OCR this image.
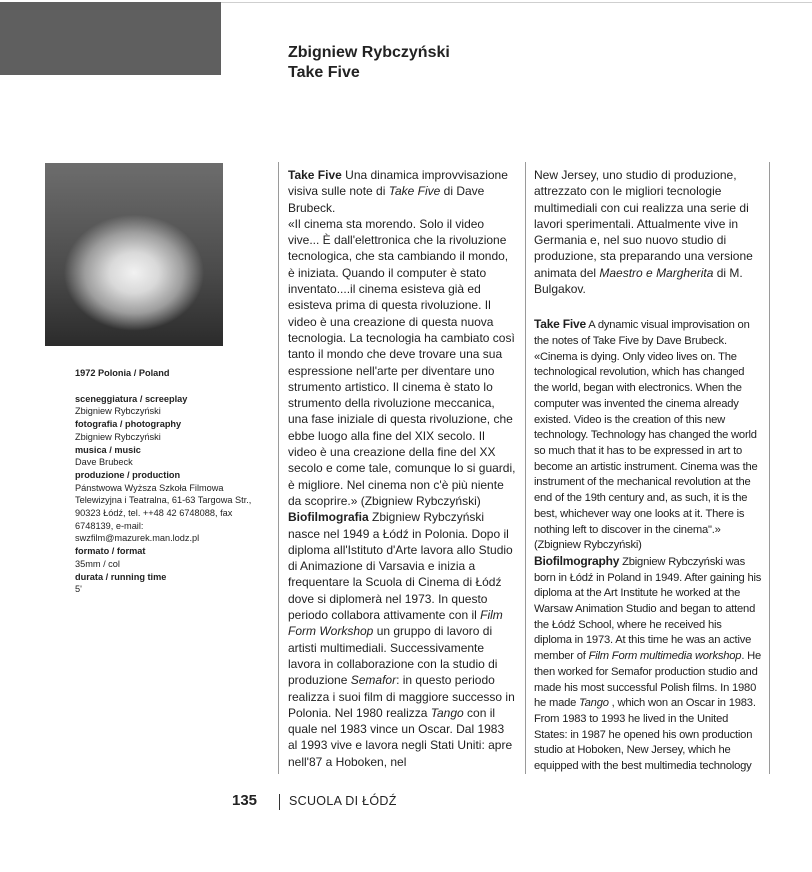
Zbigniew Rybczyński
Take Five
1972 Polonia / Poland
sceneggiatura / screeplay
Zbigniew Rybczyński
fotografia / photography
Zbigniew Rybczyński
musica / music
Dave Brubeck
produzione / production
Pánstwowa Wyższa Szkoła Filmowa Telewizyjna i Teatralna, 61-63 Targowa Str., 90323 Łódź, tel. ++48 42 6748088, fax 6748139, e-mail: swzfilm@mazurek.man.lodz.pl
formato / format
35mm / col
durata / running time
5'

Take Five Una dinamica improvvisazione visiva sulle note di Take Five di Dave Brubeck.

«Il cinema sta morendo. Solo il video vive... È dall'elettronica che la rivoluzione tecnologica, che sta cambiando il mondo, è iniziata. Quando il computer è stato inventato....il cinema esisteva già ed esisteva prima di questa rivoluzione. Il video è una creazione di questa nuova tecnologia. La tecnologia ha cambiato così tanto il mondo che deve trovare una sua espressione nell'arte per diventare uno strumento artistico. Il cinema è stato lo strumento della rivoluzione meccanica, una fase iniziale di questa rivoluzione, che ebbe luogo alla fine del XIX secolo. Il video è una creazione della fine del XX secolo e come tale, comunque lo si guardi, è migliore. Nel cinema non c'è più niente da scoprire.» (Zbigniew Rybczyński)

Biofilmografia Zbigniew Rybczyński nasce nel 1949 a Łódź in Polonia. Dopo il diploma all'Istituto d'Arte lavora allo Studio di Animazione di Varsavia e inizia a frequentare la Scuola di Cinema di Łódź dove si diplomerà nel 1973. In questo periodo collabora attivamente con il Film Form Workshop un gruppo di lavoro di artisti multimediali. Successivamente lavora in collaborazione con la studio di produzione Semafor: in questo periodo realizza i suoi film di maggiore successo in Polonia. Nel 1980 realizza Tango con il quale nel 1983 vince un Oscar. Dal 1983 al 1993 vive e lavora negli Stati Uniti: apre nell'87 a Hoboken, nel

New Jersey, uno studio di produzione, attrezzato con le migliori tecnologie multimediali con cui realizza una serie di lavori sperimentali. Attualmente vive in Germania e, nel suo nuovo studio di produzione, sta preparando una versione animata del Maestro e Margherita di M. Bulgakov.

Take Five A dynamic visual improvisation on the notes of Take Five by Dave Brubeck.

«Cinema is dying. Only video lives on. The technological revolution, which has changed the world, began with electronics. When the computer was invented the cinema already existed. Video is the creation of this new technology. Technology has changed the world so much that it has to be expressed in art to become an artistic instrument. Cinema was the instrument of the mechanical revolution at the end of the 19th century and, as such, it is the best, whichever way one looks at it. There is nothing left to discover in the cinema".» (Zbigniew Rybczyński)

Biofilmography Zbigniew Rybczyński was born in Łódź in Poland in 1949. After gaining his diploma at the Art Institute he worked at the Warsaw Animation Studio and began to attend the Łódź School, where he received his diploma in 1973. At this time he was an active member of Film Form multimedia workshop. He then worked for Semafor production studio and made his most successful Polish films. In 1980 he made Tango , which won an Oscar in 1983. From 1983 to 1993 he lived in the United States: in 1987 he opened his own production studio at Hoboken, New Jersey, which he equipped with the best multimedia technology

135	SCUOLA DI ŁÓDŹ
